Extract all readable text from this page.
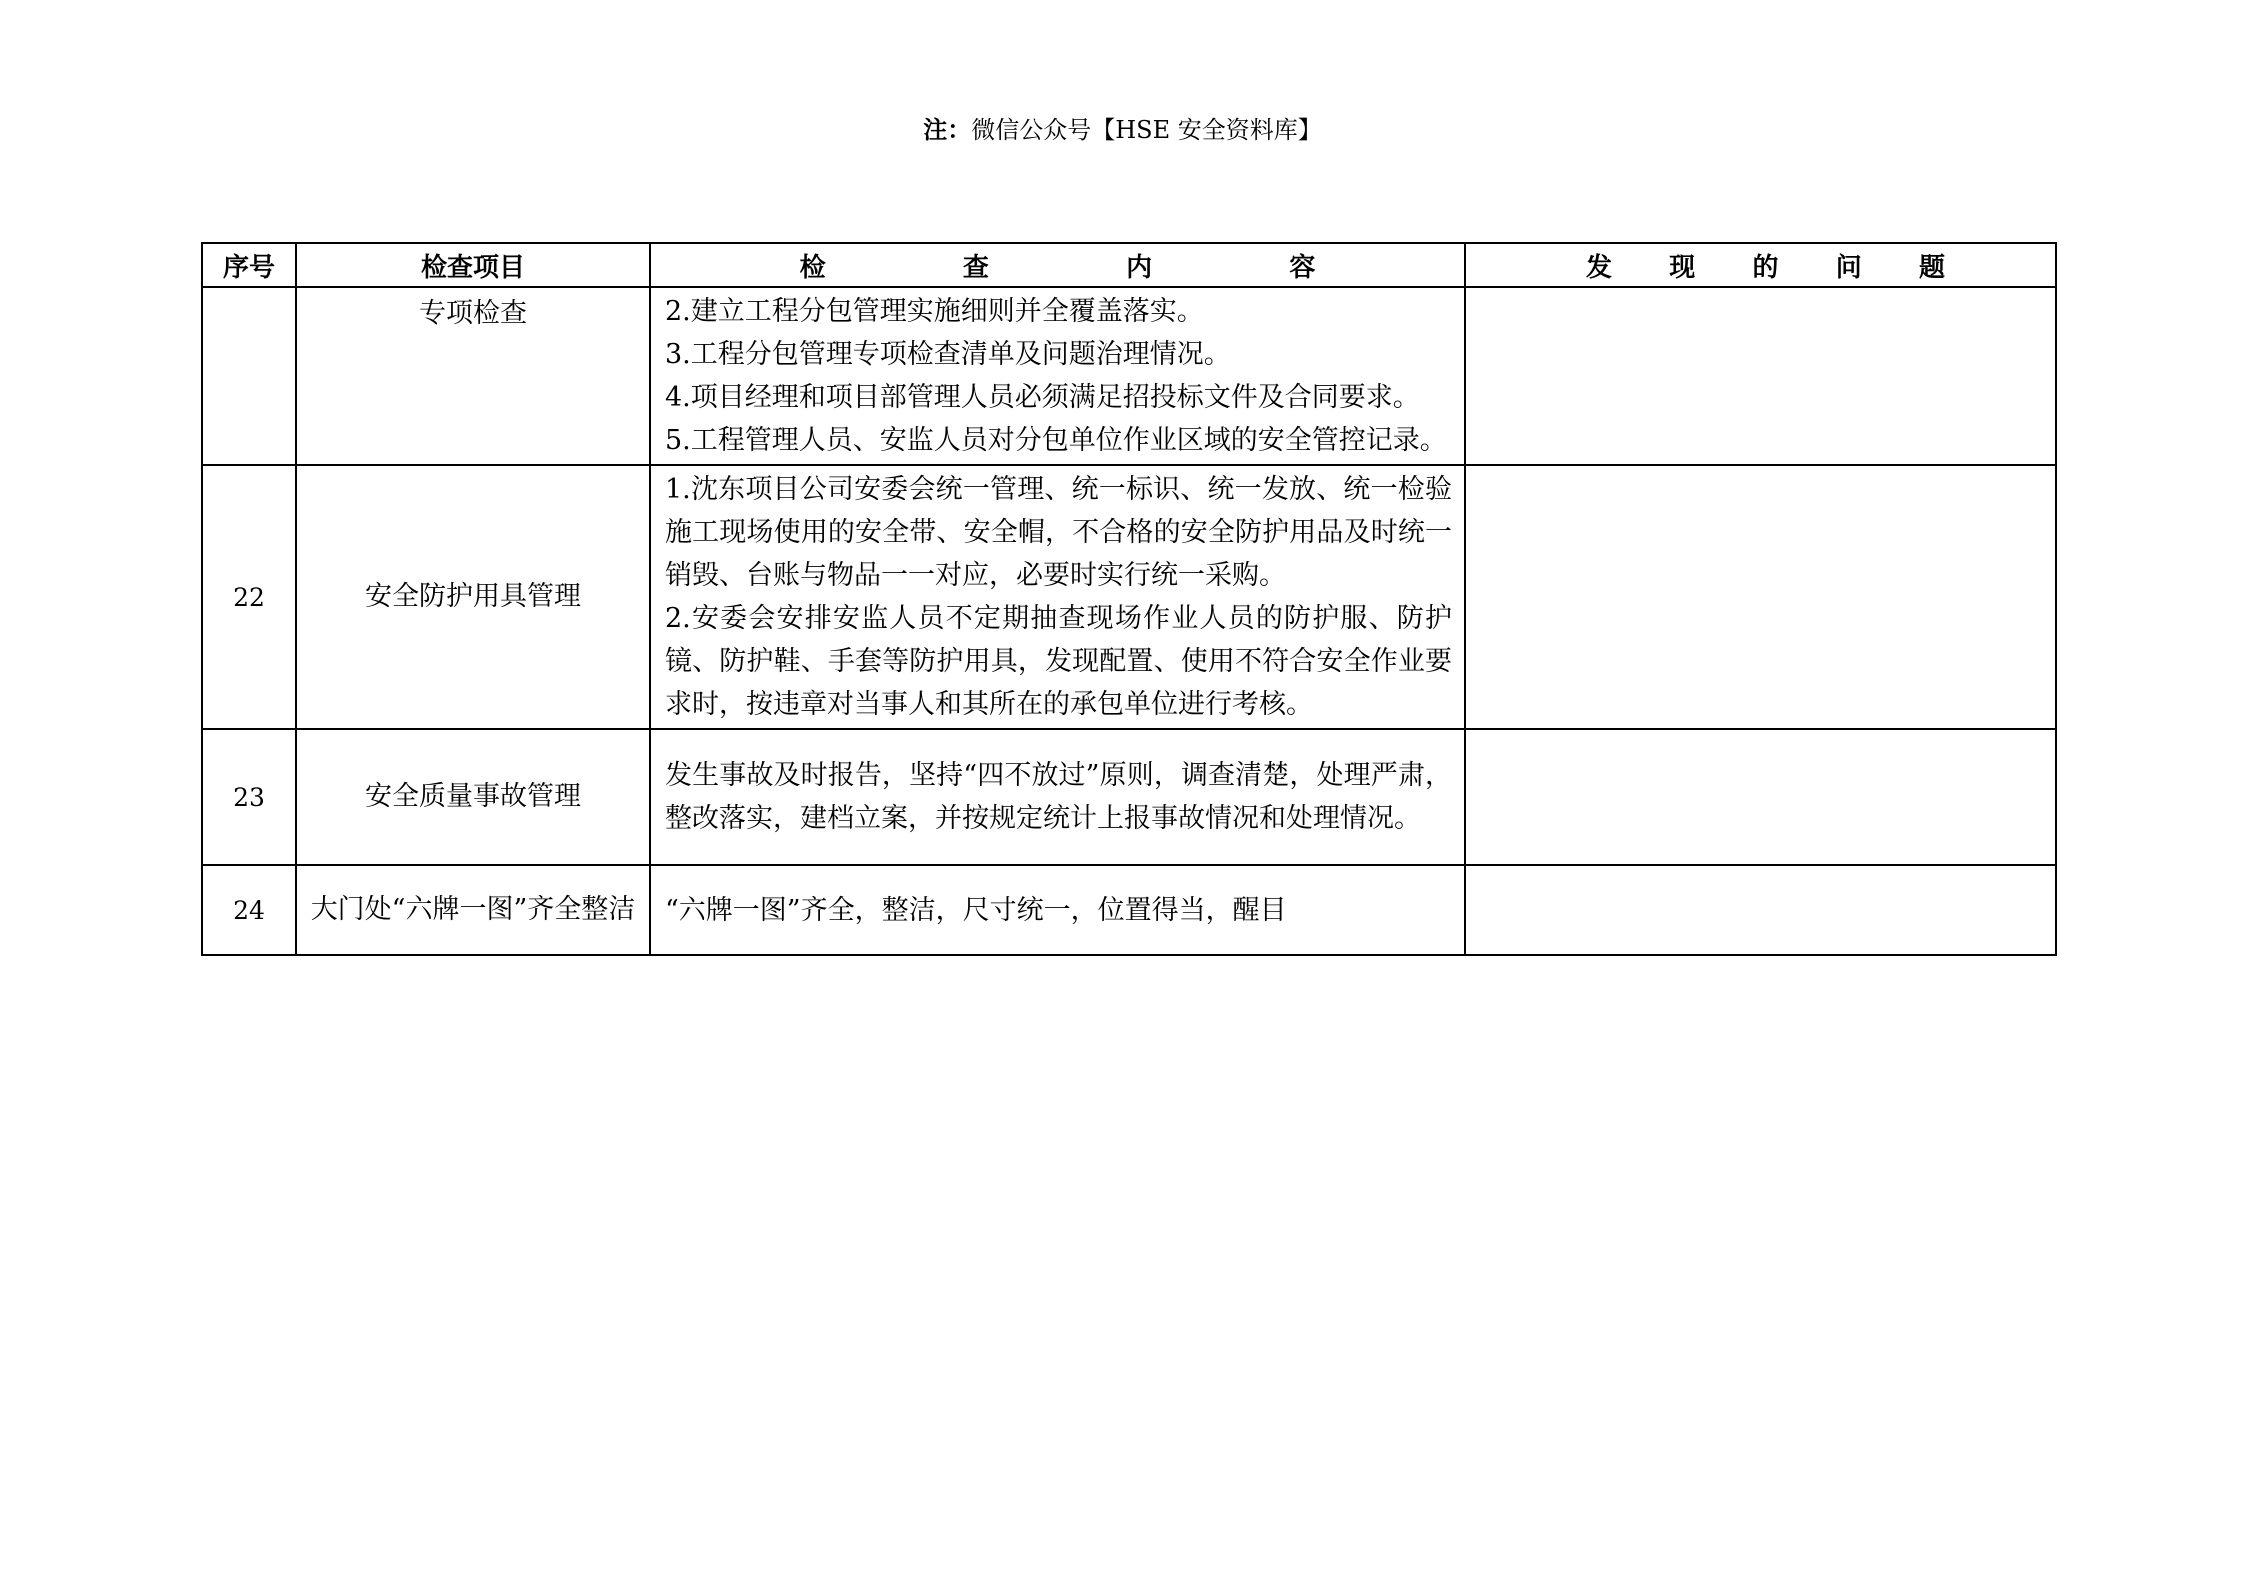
注：微信公众号【HSE 安全资料库】
序号	检查项目	检 查 内 容	发 现 的 问 题

	专项检查	2.建立工程分包管理实施细则并全覆盖落实。

3.工程分包管理专项检查清单及问题治理情况。

4.项目经理和项目部管理人员必须满足招投标文件及合同要求。

5.工程管理人员、安监人员对分包单位作业区域的安全管控记录。	

22	安全防护用具管理	1.沈东项目公司安委会统一管理、统一标识、统一发放、统一检验施工现场使用的安全带、安全帽，不合格的安全防护用品及时统一销毁、台账与物品一一对应，必要时实行统一采购。

2.安委会安排安监人员不定期抽查现场作业人员的防护服、防护镜、防护鞋、手套等防护用具，发现配置、使用不符合安全作业要求时，按违章对当事人和其所在的承包单位进行考核。	

23	安全质量事故管理	发生事故及时报告，坚持“四不放过”原则，调查清楚，处理严肃，整改落实，建档立案，并按规定统计上报事故情况和处理情况。	

24	大门处“六牌一图”齐全整洁	“六牌一图”齐全，整洁，尺寸统一，位置得当，醒目	
